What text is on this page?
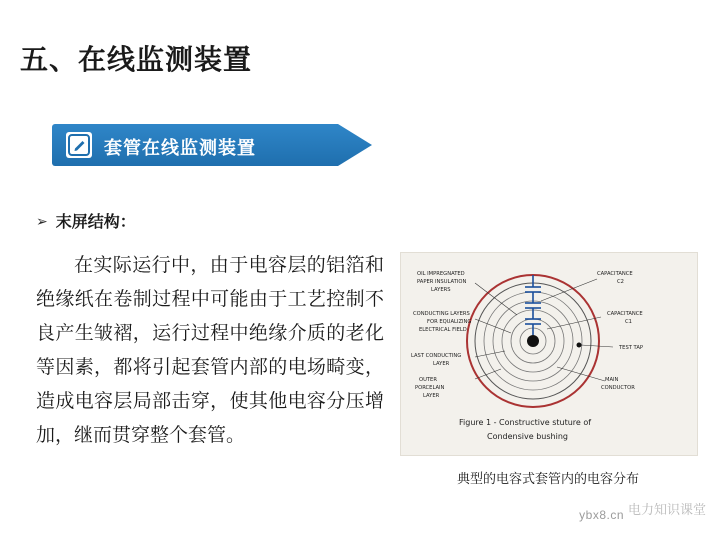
五、在线监测装置
套管在线监测装置
➢ 末屏结构：
在实际运行中，由于电容层的铝箔和绝缘纸在卷制过程中可能由于工艺控制不良产生皱褶，运行过程中绝缘介质的老化等因素，都将引起套管内部的电场畸变，造成电容层局部击穿，使其他电容分压增加，继而贯穿整个套管。
OIL IMPREGNATED
PAPER INSULATION
LAYERS
CONDUCTING LAYERS
FOR EQUALIZING
ELECTRICAL FIELD
LAST CONDUCTING
LAYER
OUTER
PORCELAIN
LAYER
CAPACITANCE
C2
CAPACITANCE
C1
TEST TAP
MAIN
CONDUCTOR
Figure 1 - Constructive stuture of
Condensive bushing
典型的电容式套管内的电容分布
电力知识课堂
ybx8.cn
